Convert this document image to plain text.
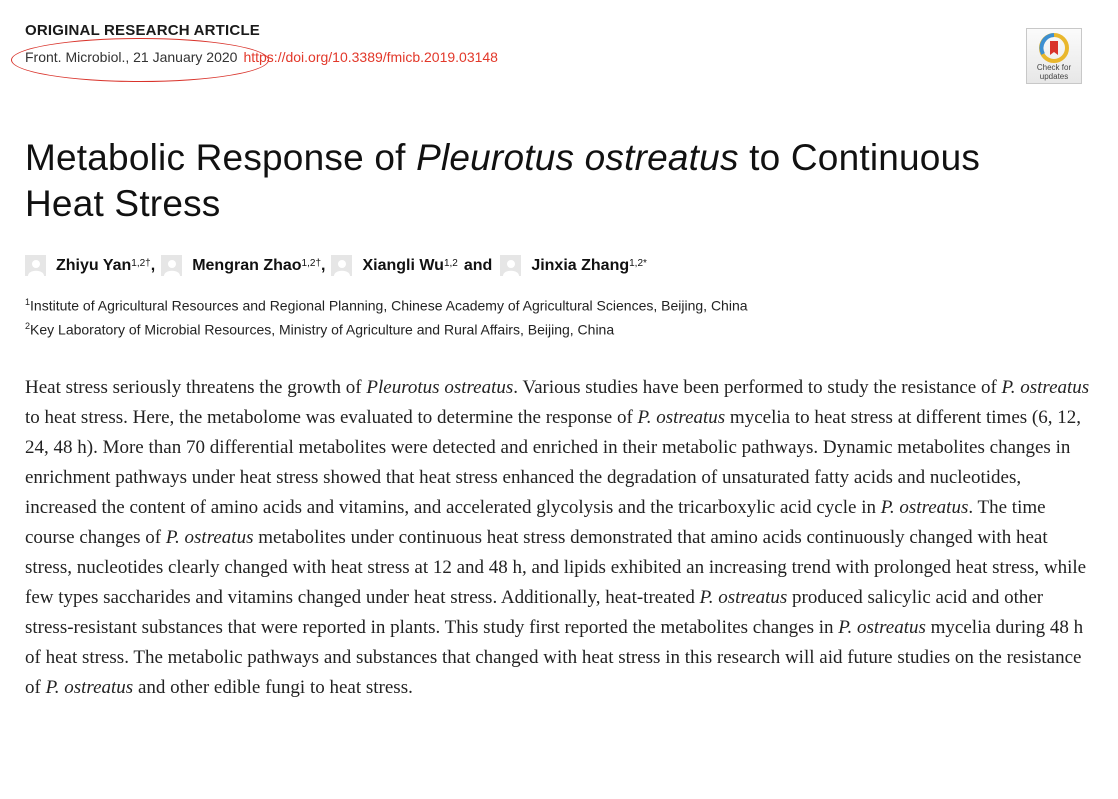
ORIGINAL RESEARCH ARTICLE
Front. Microbiol., 21 January 2020 https://doi.org/10.3389/fmicb.2019.03148
Check for
updates
Metabolic Response of Pleurotus ostreatus to Continuous Heat Stress
Zhiyu Yan$^{1,2\dagger}$ , Mengran Zhao$^{1,2\dagger}$ , Xiangli Wu$^{1,2}$ and Jinxia Zhang$^{1,2*}$
$^1$Institute of Agricultural Resources and Regional Planning, Chinese Academy of Agricultural Sciences, Beijing, China
$^2$Key Laboratory of Microbial Resources, Ministry of Agriculture and Rural Affairs, Beijing, China

Heat stress seriously threatens the growth of Pleurotus ostreatus. Various studies have been performed to study the resistance of P. ostreatus to heat stress. Here, the metabolome was evaluated to determine the response of P. ostreatus mycelia to heat stress at different times (6, 12, 24, 48 h). More than 70 differential metabolites were detected and enriched in their metabolic pathways. Dynamic metabolites changes in enrichment pathways under heat stress showed that heat stress enhanced the degradation of unsaturated fatty acids and nucleotides, increased the content of amino acids and vitamins, and accelerated glycolysis and the tricarboxylic acid cycle in P. ostreatus. The time course changes of P. ostreatus metabolites under continuous heat stress demonstrated that amino acids continuously changed with heat stress, nucleotides clearly changed with heat stress at 12 and 48 h, and lipids exhibited an increasing trend with prolonged heat stress, while few types saccharides and vitamins changed under heat stress. Additionally, heat-treated P. ostreatus produced salicylic acid and other stress-resistant substances that were reported in plants. This study first reported the metabolites changes in P. ostreatus mycelia during 48 h of heat stress. The metabolic pathways and substances that changed with heat stress in this research will aid future studies on the resistance of P. ostreatus and other edible fungi to heat stress.
